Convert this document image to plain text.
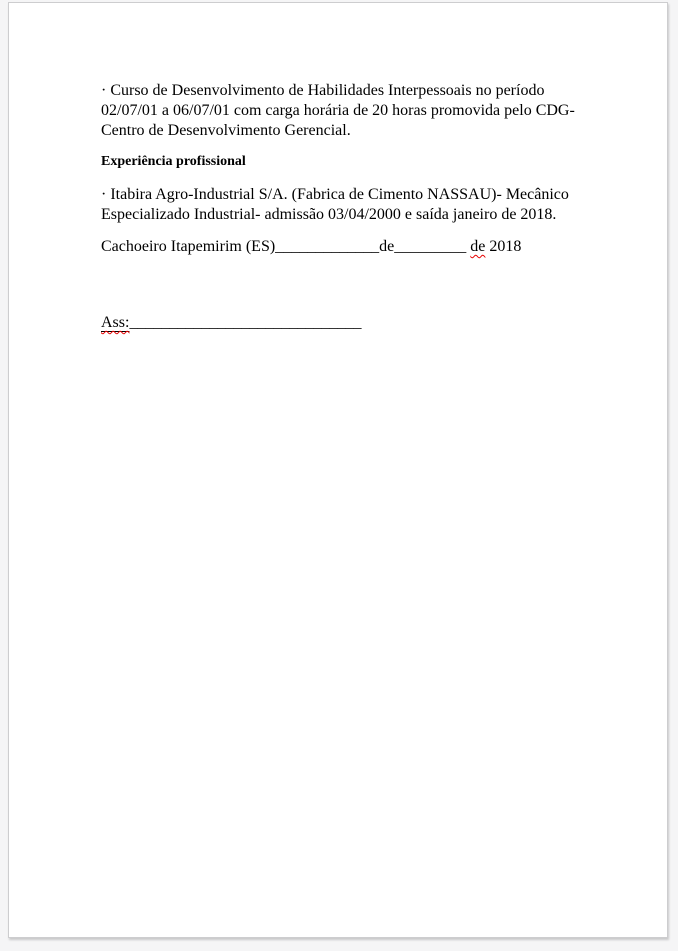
· Curso de Desenvolvimento de Habilidades Interpessoais no período
02/07/01 a 06/07/01 com carga horária de 20 horas promovida pelo CDG-
Centro de Desenvolvimento Gerencial.

Experiência profissional

· Itabira Agro-Industrial S/A. (Fabrica de Cimento NASSAU)- Mecânico
Especializado Industrial- admissão 03/04/2000 e saída janeiro de 2018.

Cachoeiro Itapemirim (ES)_____________de_________ de 2018

Ass:_____________________________
